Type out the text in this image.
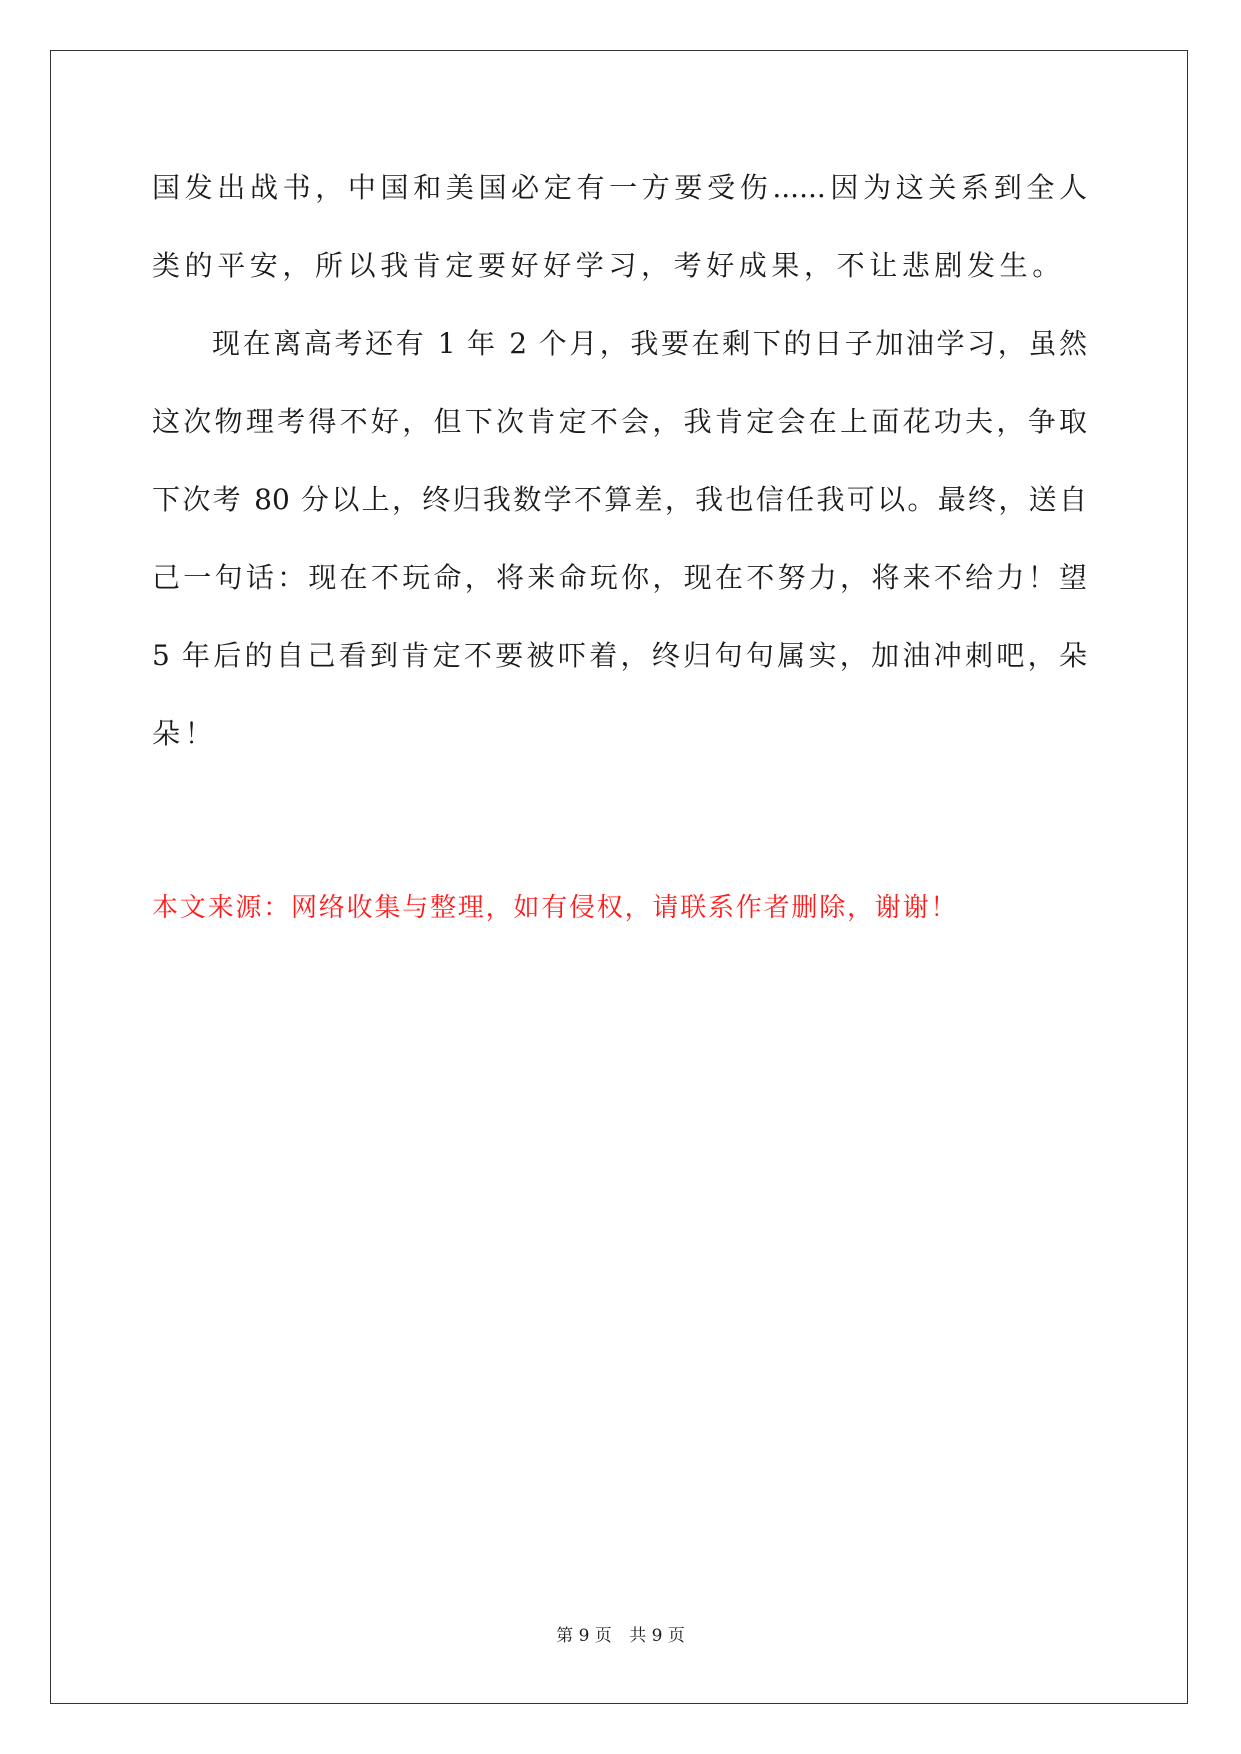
国发出战书，中国和美国必定有一方要受伤......因为这关系到全人
类的平安，所以我肯定要好好学习，考好成果，不让悲剧发生。
现在离高考还有 1 年 2 个月，我要在剩下的日子加油学习，虽然
这次物理考得不好，但下次肯定不会，我肯定会在上面花功夫，争取
下次考 80 分以上，终归我数学不算差，我也信任我可以。最终，送自
己一句话：现在不玩命，将来命玩你，现在不努力，将来不给力！望
5 年后的自己看到肯定不要被吓着，终归句句属实，加油冲刺吧，朵
朵！
本文来源：网络收集与整理，如有侵权，请联系作者删除，谢谢！
第 9 页 共 9 页
